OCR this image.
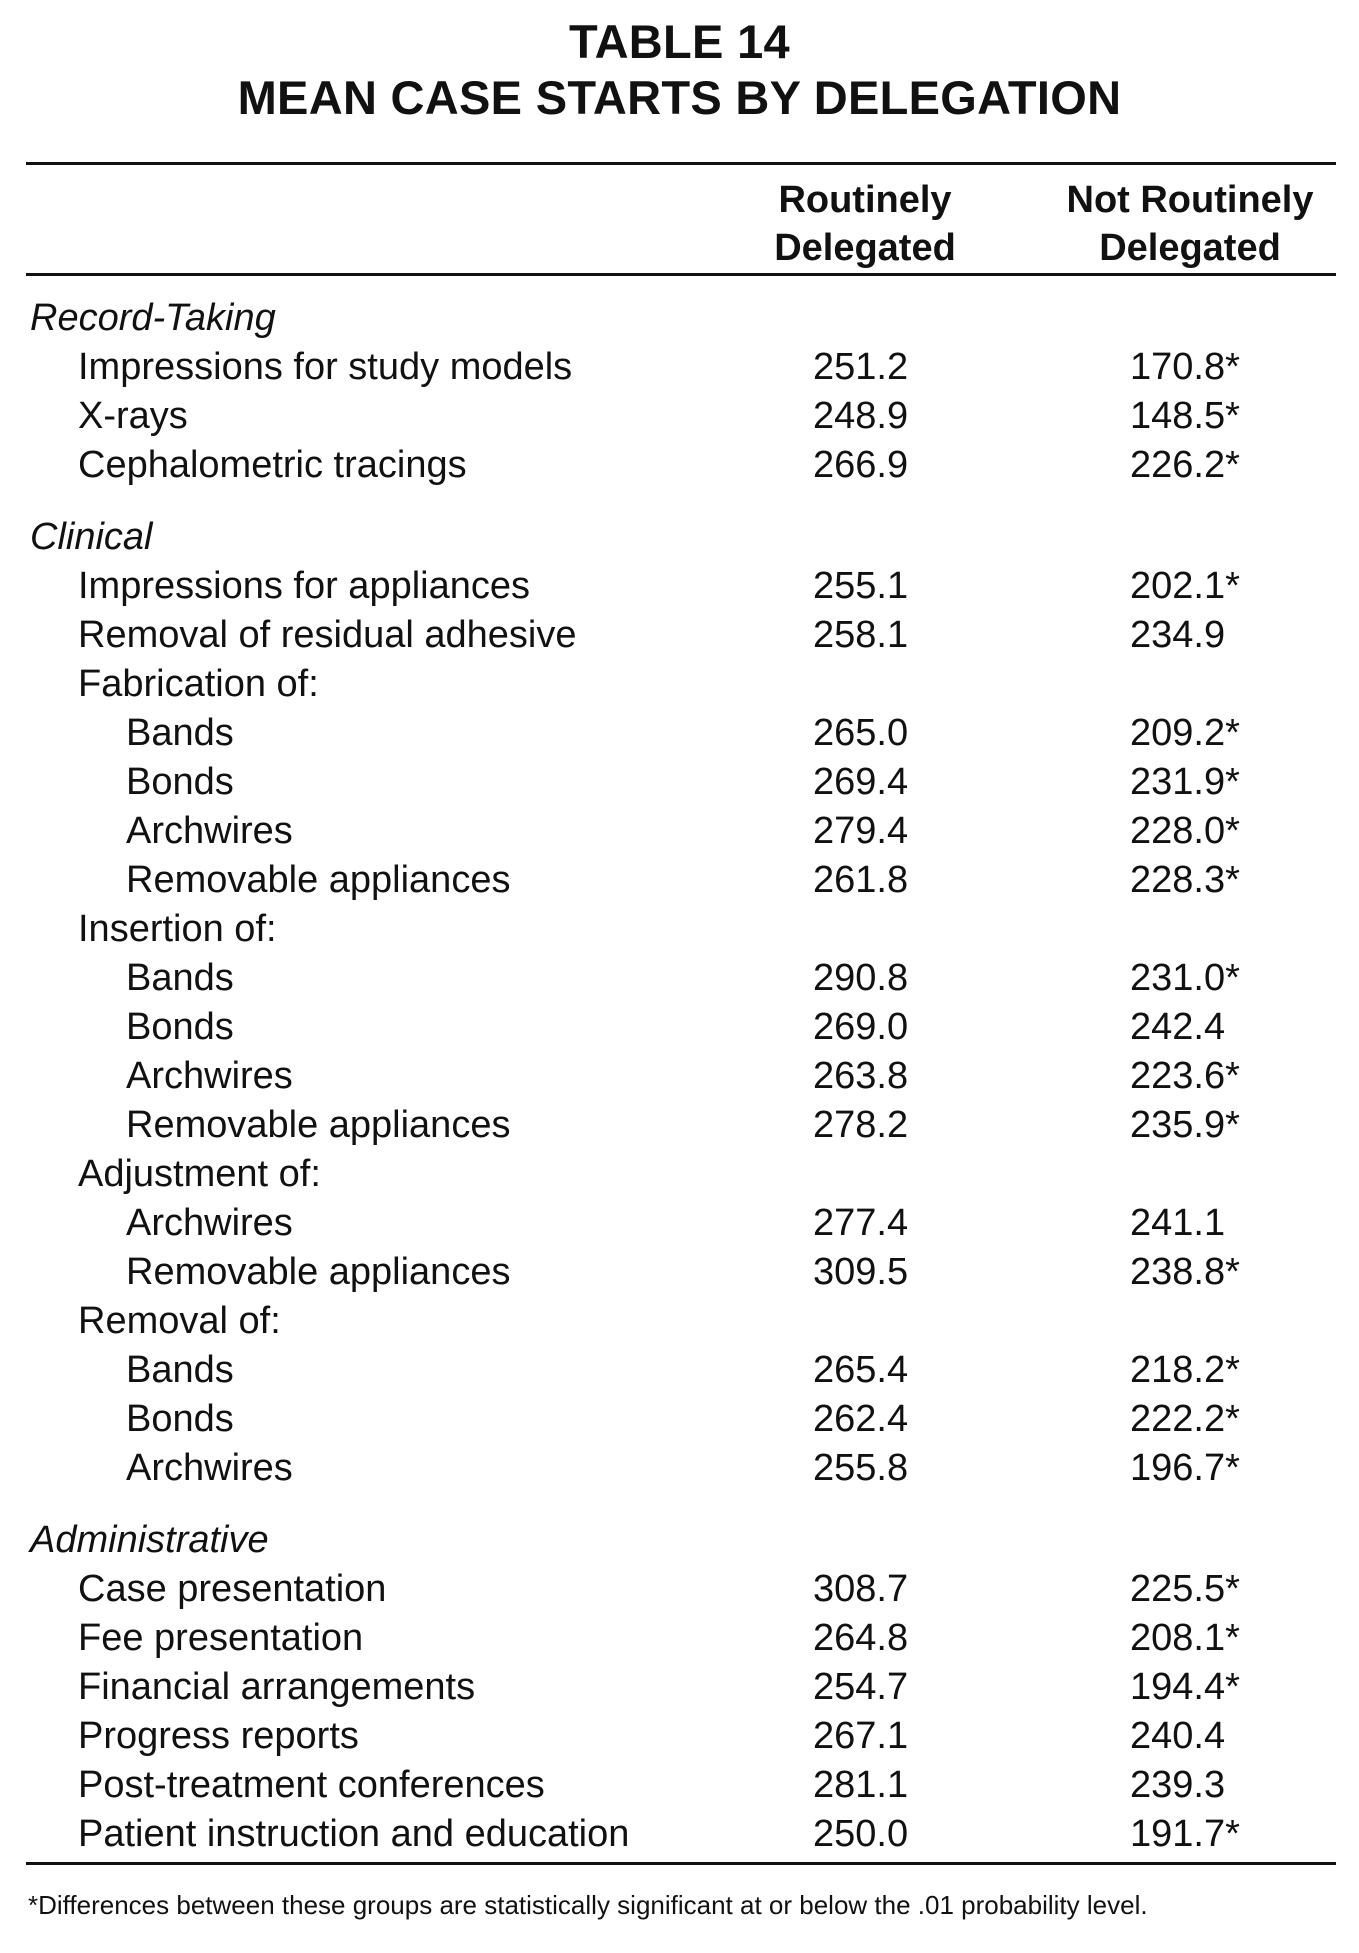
TABLE 14
MEAN CASE STARTS BY DELEGATION
Routinely
Delegated
Not Routinely
Delegated
Record-Taking
Impressions for study models	251.2	170.8*
X-rays	248.9	148.5*
Cephalometric tracings	266.9	226.2*
Clinical
Impressions for appliances	255.1	202.1*
Removal of residual adhesive	258.1	234.9
Fabrication of:
Bands	265.0	209.2*
Bonds	269.4	231.9*
Archwires	279.4	228.0*
Removable appliances	261.8	228.3*
Insertion of:
Bands	290.8	231.0*
Bonds	269.0	242.4
Archwires	263.8	223.6*
Removable appliances	278.2	235.9*
Adjustment of:
Archwires	277.4	241.1
Removable appliances	309.5	238.8*
Removal of:
Bands	265.4	218.2*
Bonds	262.4	222.2*
Archwires	255.8	196.7*
Administrative
Case presentation	308.7	225.5*
Fee presentation	264.8	208.1*
Financial arrangements	254.7	194.4*
Progress reports	267.1	240.4
Post-treatment conferences	281.1	239.3
Patient instruction and education	250.0	191.7*
*Differences between these groups are statistically significant at or below the .01 probability level.
